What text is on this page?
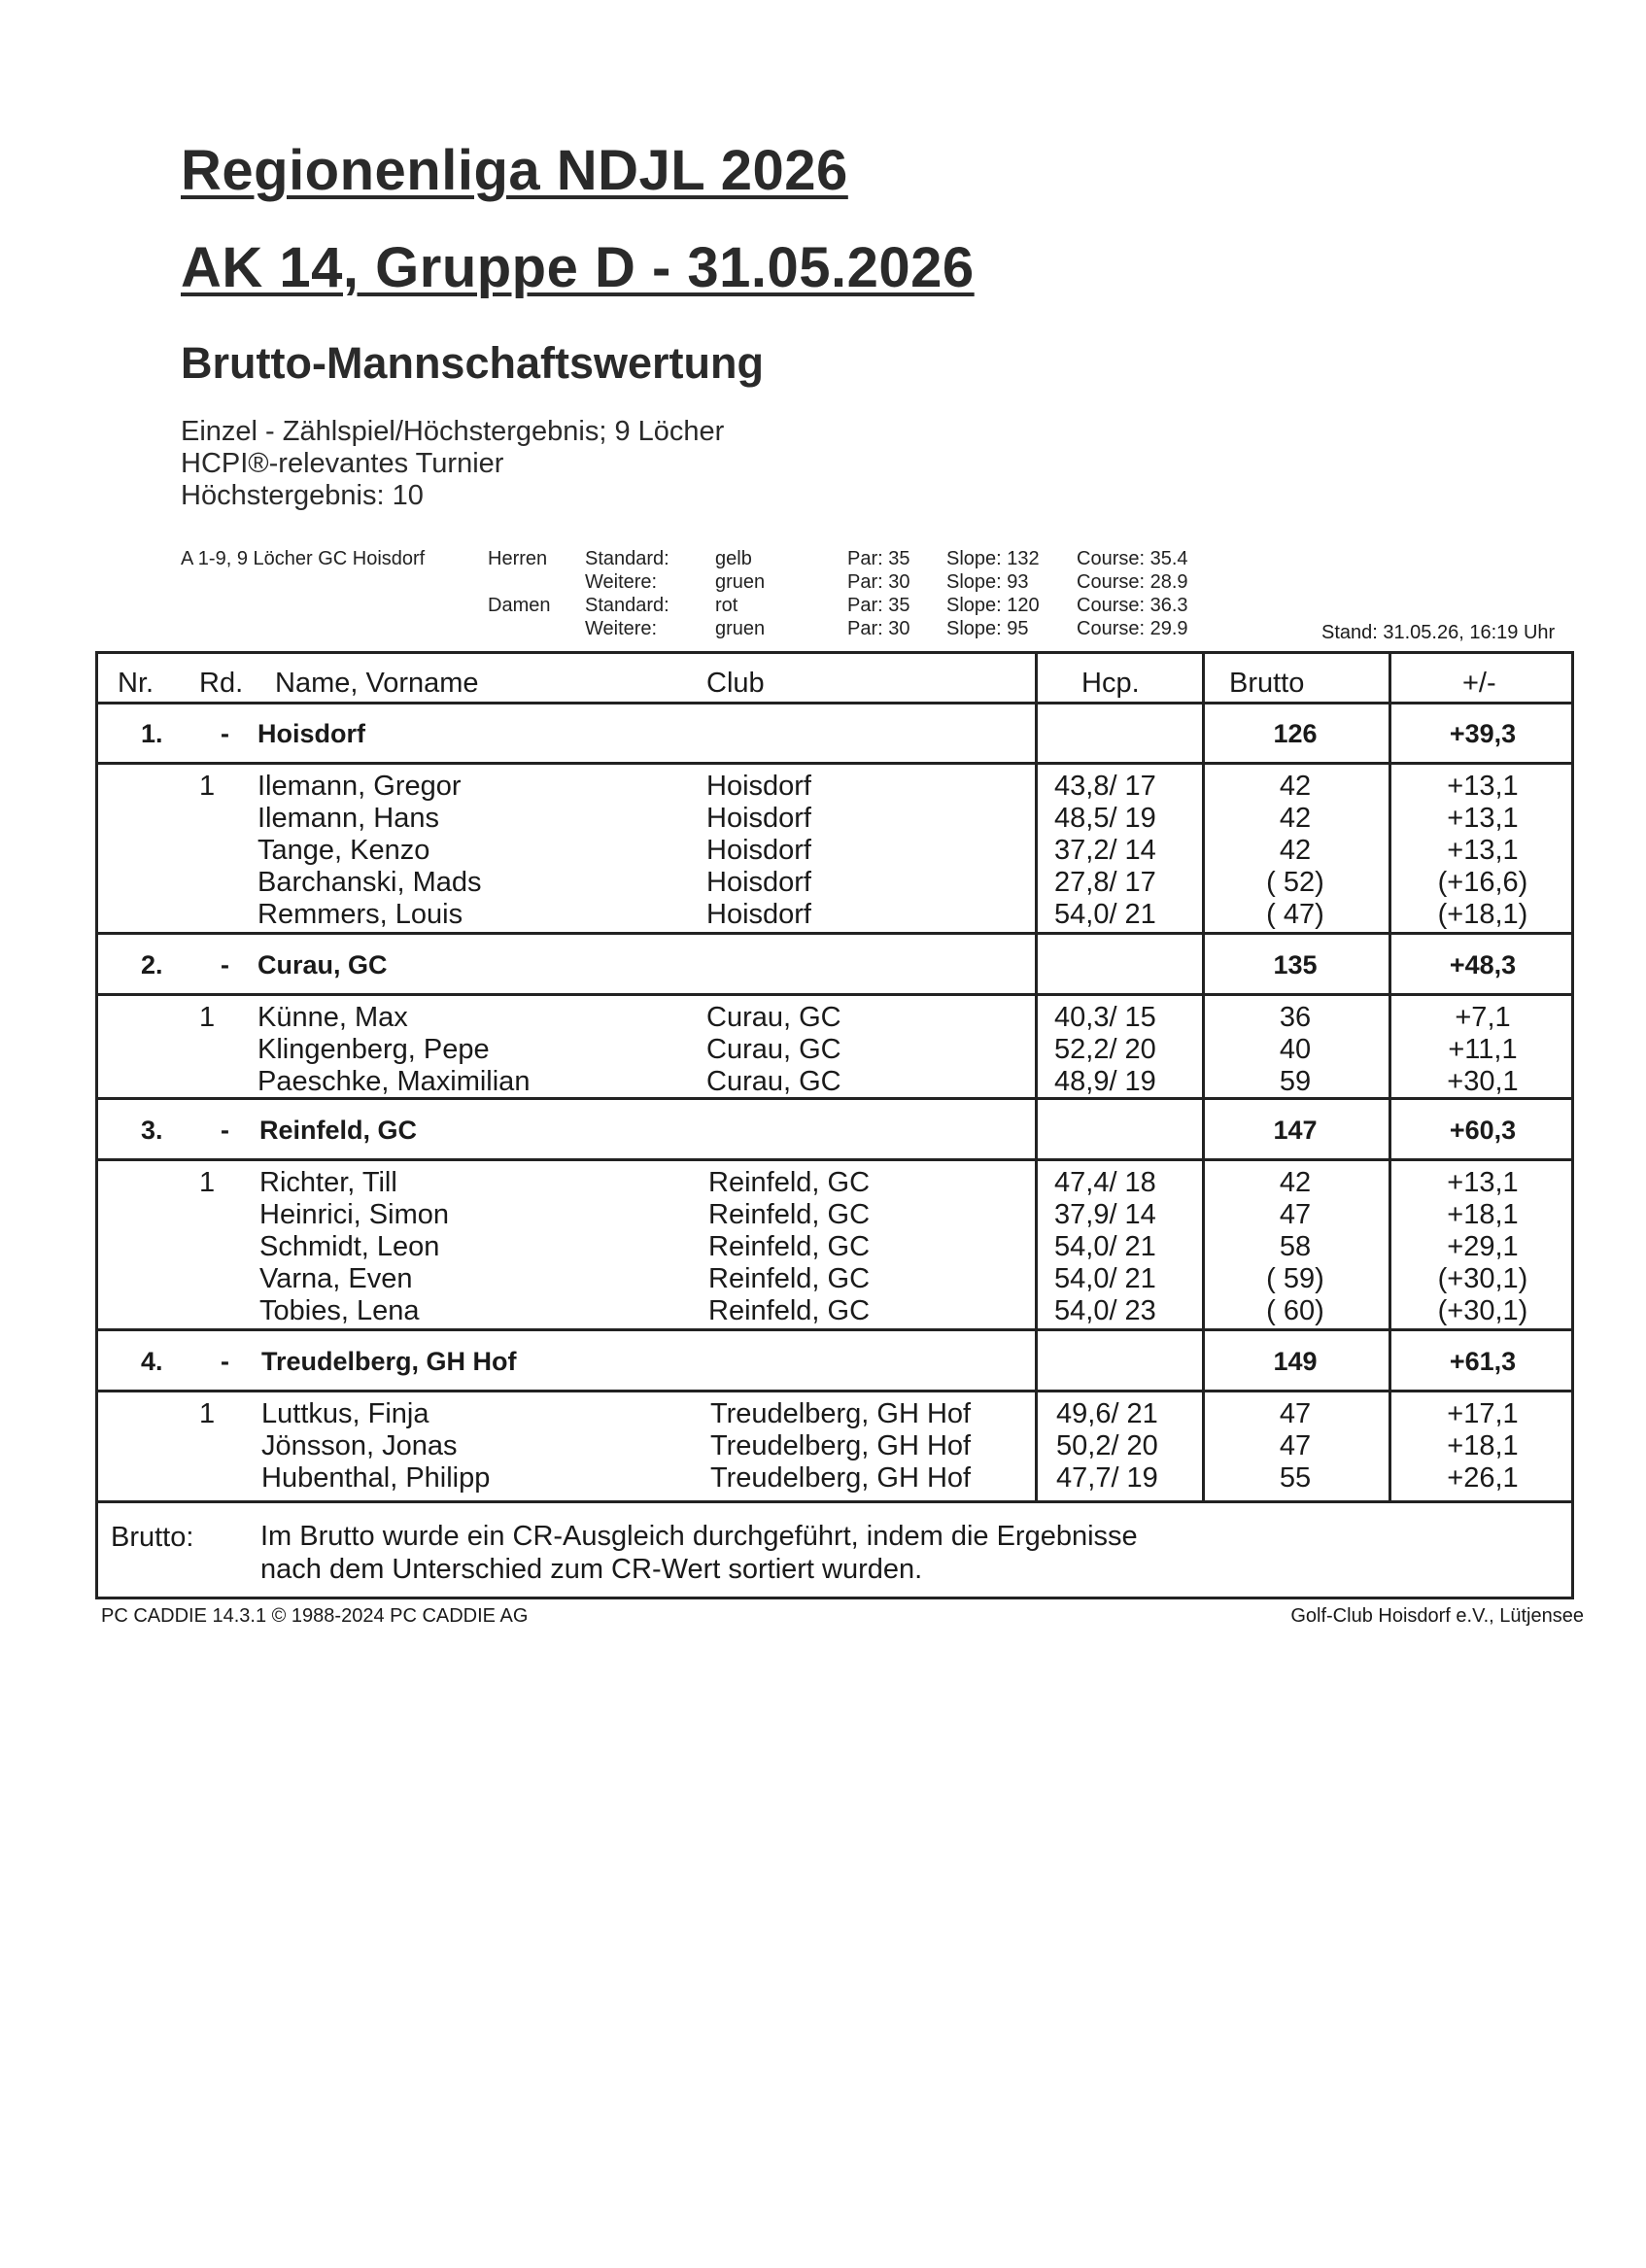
Regionenliga NDJL 2026
AK 14, Gruppe D - 31.05.2026
Brutto-Mannschaftswertung
Einzel - Zählspiel/Höchstergebnis; 9 Löcher
HCPI®-relevantes Turnier
Höchstergebnis: 10
A 1-9, 9 Löcher GC Hoisdorf	Herren Standard: gelb	Par: 35 Slope: 132 Course: 35.4
Weitere:	gruen	Par: 30 Slope: 93 Course: 28.9
Damen Standard: rot	Par: 35 Slope: 120 Course: 36.3
Weitere:	gruen	Par: 30 Slope: 95 Course: 29.9	Stand: 31.05.26, 16:19 Uhr
Nr. Rd. Name, Vorname	Club	Hcp.	Brutto	+/-
1. - Hoisdorf	126	+39,3
1 Ilemann, Gregor	Hoisdorf	43,8/ 17	42	+13,1
Ilemann, Hans	Hoisdorf	48,5/ 19	42	+13,1
Tange, Kenzo	Hoisdorf	37,2/ 14	42	+13,1
Barchanski, Mads	Hoisdorf	27,8/ 17	( 52)	(+16,6)
Remmers, Louis	Hoisdorf	54,0/ 21	( 47)	(+18,1)
2. - Curau, GC	135	+48,3
1 Künne, Max	Curau, GC	40,3/ 15	36	+7,1
Klingenberg, Pepe	Curau, GC	52,2/ 20	40	+11,1
Paeschke, Maximilian	Curau, GC	48,9/ 19	59	+30,1
3. - Reinfeld, GC	147	+60,3
1 Richter, Till	Reinfeld, GC	47,4/ 18	42	+13,1
Heinrici, Simon	Reinfeld, GC	37,9/ 14	47	+18,1
Schmidt, Leon	Reinfeld, GC	54,0/ 21	58	+29,1
Varna, Even	Reinfeld, GC	54,0/ 21	( 59)	(+30,1)
Tobies, Lena	Reinfeld, GC	54,0/ 23	( 60)	(+30,1)
4. - Treudelberg, GH Hof	149	+61,3
1 Luttkus, Finja	Treudelberg, GH Hof	49,6/ 21	47	+17,1
Jönsson, Jonas	Treudelberg, GH Hof	50,2/ 20	47	+18,1
Hubenthal, Philipp	Treudelberg, GH Hof	47,7/ 19	55	+26,1
Brutto: Im Brutto wurde ein CR-Ausgleich durchgeführt, indem die Ergebnisse
nach dem Unterschied zum CR-Wert sortiert wurden.
PC CADDIE 14.3.1 © 1988-2024 PC CADDIE AG	Golf-Club Hoisdorf e.V., Lütjensee
